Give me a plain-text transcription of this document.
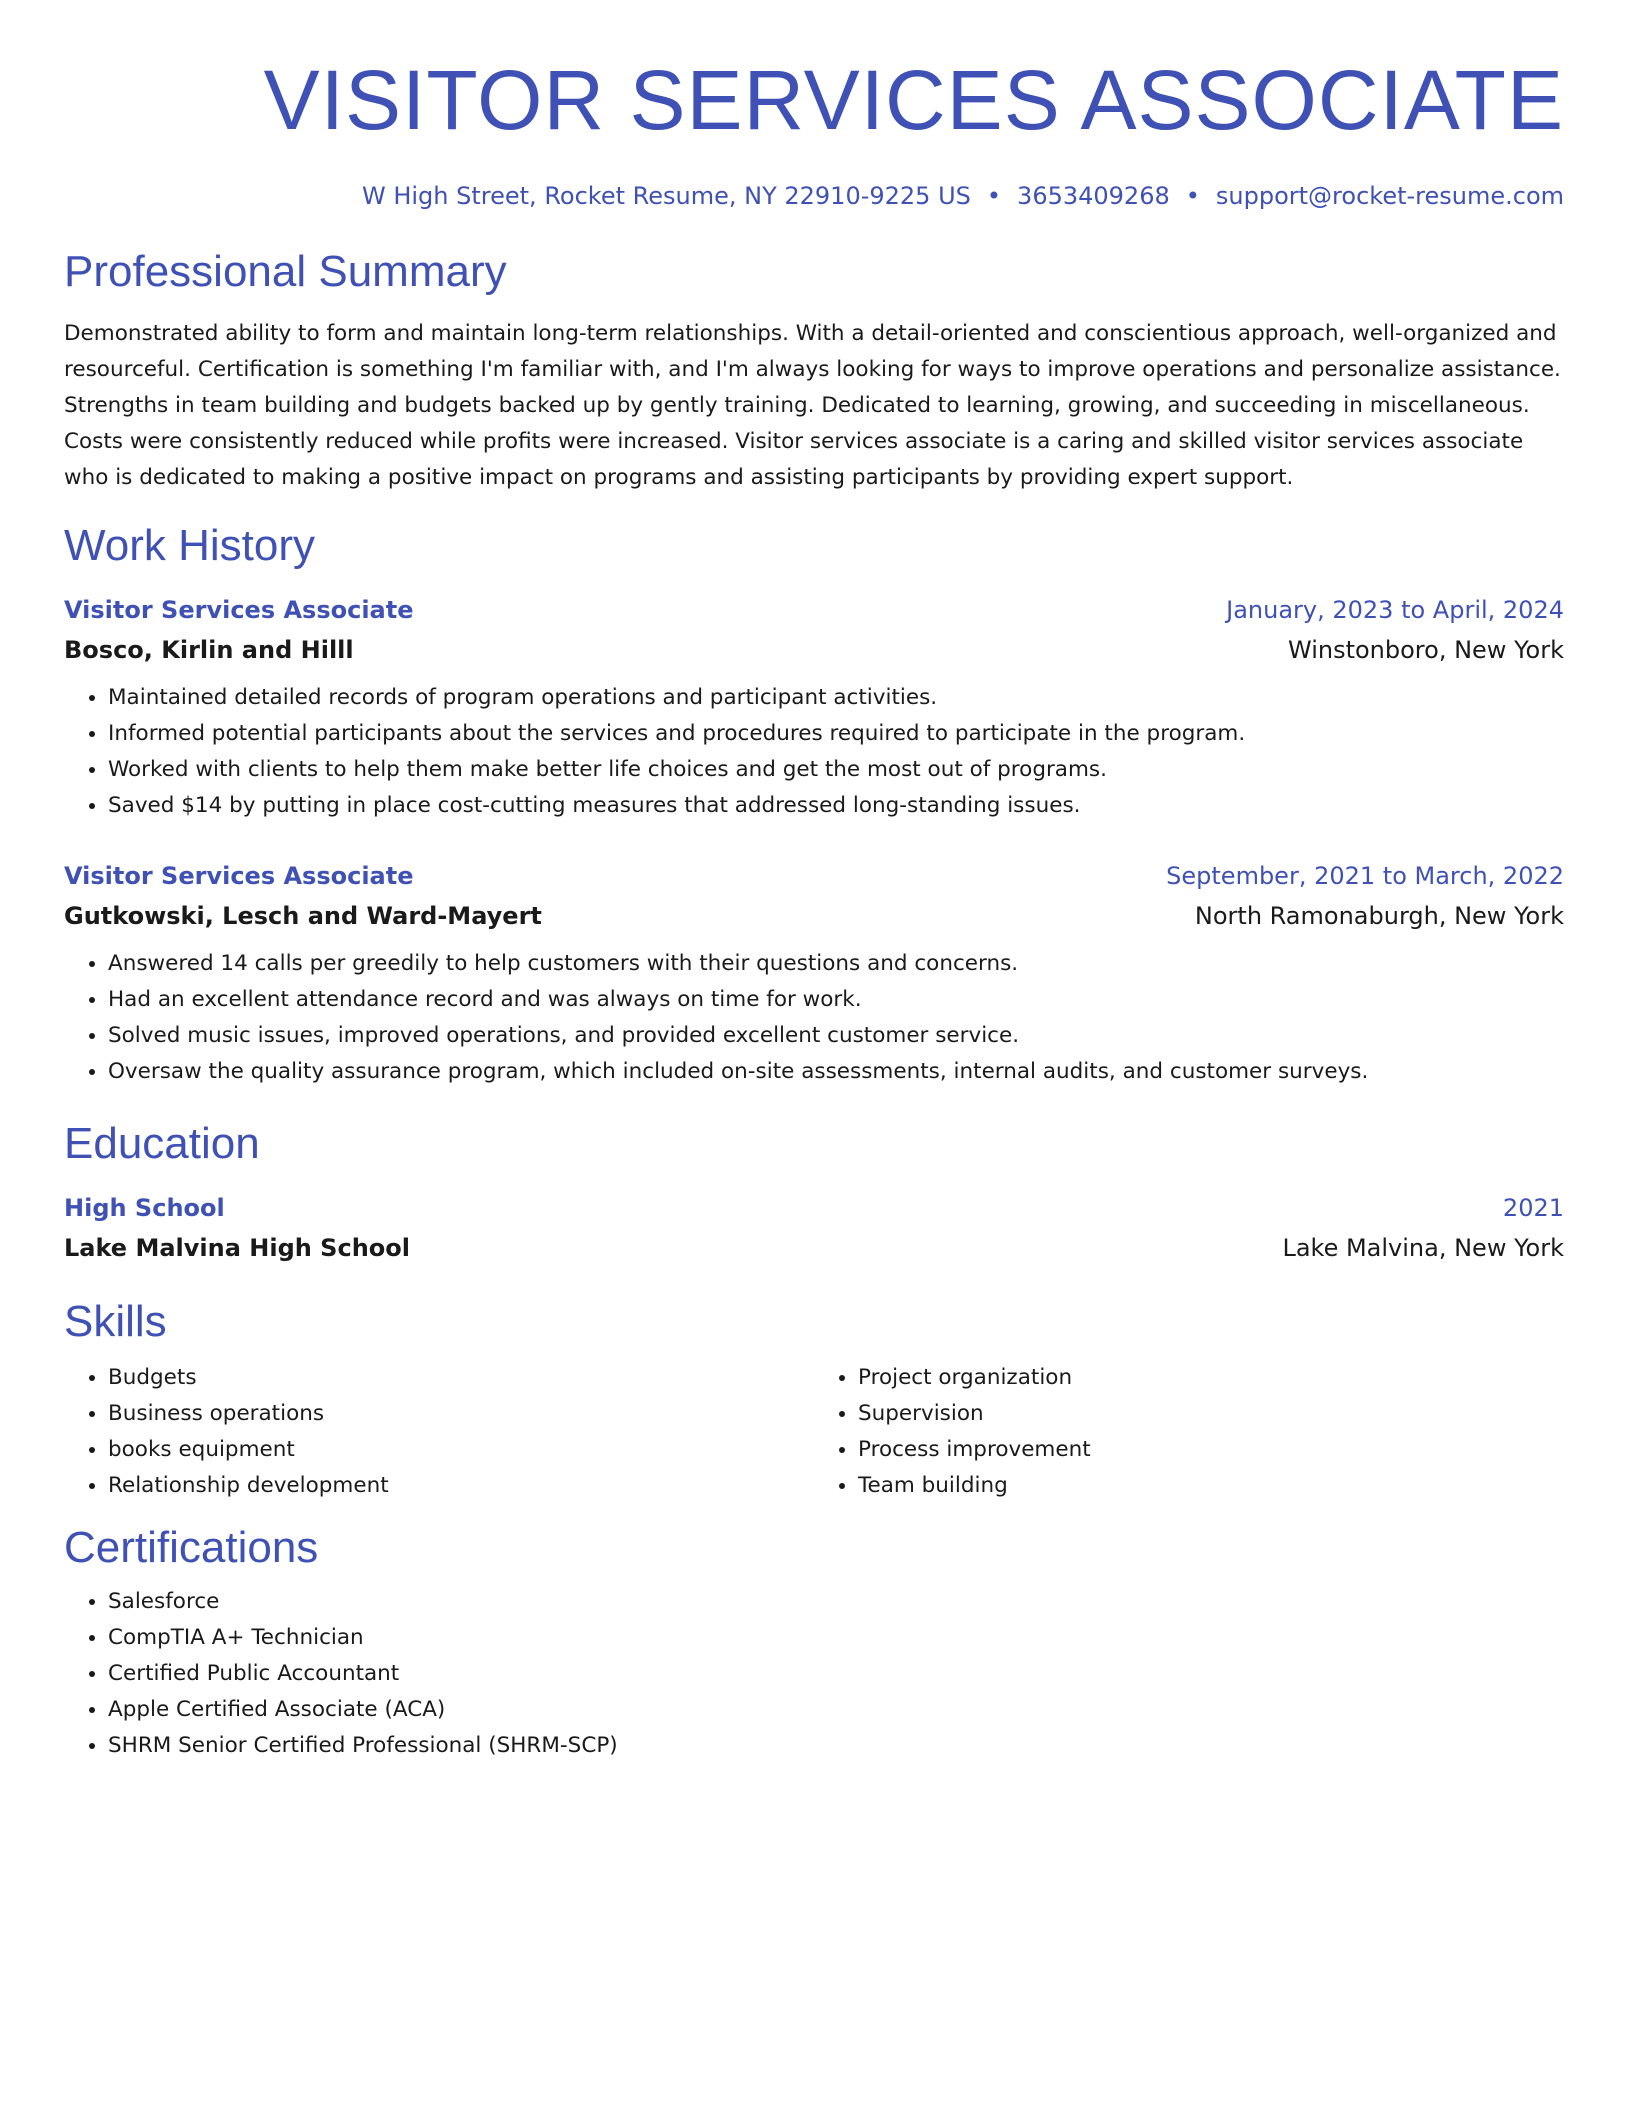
VISITOR SERVICES ASSOCIATE
W High Street, Rocket Resume, NY 22910-9225 US • 3653409268 • support@rocket-resume.com
Professional Summary
Demonstrated ability to form and maintain long-term relationships. With a detail-oriented and conscientious approach, well-organized and resourceful. Certification is something I'm familiar with, and I'm always looking for ways to improve operations and personalize assistance. Strengths in team building and budgets backed up by gently training. Dedicated to learning, growing, and succeeding in miscellaneous. Costs were consistently reduced while profits were increased. Visitor services associate is a caring and skilled visitor services associate who is dedicated to making a positive impact on programs and assisting participants by providing expert support.
Work History
Visitor Services Associate	January, 2023 to April, 2024
Bosco, Kirlin and Hilll	Winstonboro, New York
• Maintained detailed records of program operations and participant activities.
• Informed potential participants about the services and procedures required to participate in the program.
• Worked with clients to help them make better life choices and get the most out of programs.
• Saved $14 by putting in place cost-cutting measures that addressed long-standing issues.
Visitor Services Associate	September, 2021 to March, 2022
Gutkowski, Lesch and Ward-Mayert	North Ramonaburgh, New York
• Answered 14 calls per greedily to help customers with their questions and concerns.
• Had an excellent attendance record and was always on time for work.
• Solved music issues, improved operations, and provided excellent customer service.
• Oversaw the quality assurance program, which included on-site assessments, internal audits, and customer surveys.
Education
High School	2021
Lake Malvina High School	Lake Malvina, New York
Skills
• Budgets
• Business operations
• books equipment
• Relationship development
• Project organization
• Supervision
• Process improvement
• Team building
Certifications
• Salesforce
• CompTIA A+ Technician
• Certified Public Accountant
• Apple Certified Associate (ACA)
• SHRM Senior Certified Professional (SHRM-SCP)
